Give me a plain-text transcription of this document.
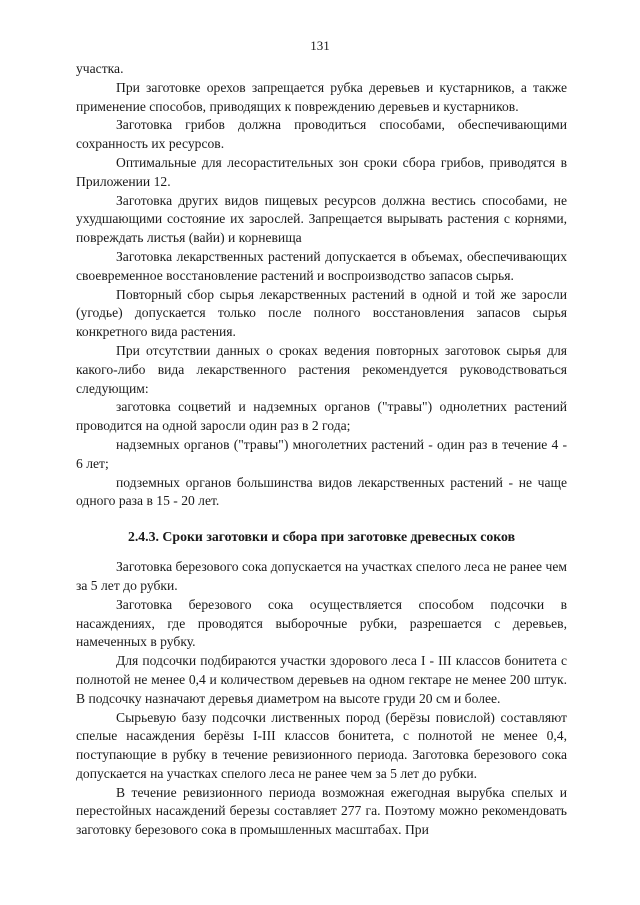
131

участка.

При заготовке орехов запрещается рубка деревьев и кустарников, а также применение способов, приводящих к повреждению деревьев и кустарников.

Заготовка грибов должна проводиться способами, обеспечивающими сохранность их ресурсов.

Оптимальные для лесорастительных зон сроки сбора грибов, приводятся в Приложении 12.

Заготовка других видов пищевых ресурсов должна вестись способами, не ухудшающими состояние их зарослей. Запрещается вырывать растения с корнями, повреждать листья (вайи) и корневища

Заготовка лекарственных растений допускается в объемах, обеспечивающих своевременное восстановление растений и воспроизводство запасов сырья.

Повторный сбор сырья лекарственных растений в одной и той же заросли (угодье) допускается только после полного восстановления запасов сырья конкретного вида растения.

При отсутствии данных о сроках ведения повторных заготовок сырья для какого-либо вида лекарственного растения рекомендуется руководствоваться следующим:

заготовка соцветий и надземных органов ("травы") однолетних растений проводится на одной заросли один раз в 2 года;

надземных органов ("травы") многолетних растений - один раз в течение 4 - 6 лет;

подземных органов большинства видов лекарственных растений - не чаще одного раза в 15 - 20 лет.

2.4.3. Сроки заготовки и сбора при заготовке древесных соков

Заготовка березового сока допускается на участках спелого леса не ранее чем за 5 лет до рубки.

Заготовка березового сока осуществляется способом подсочки в насаждениях, где проводятся выборочные рубки, разрешается с деревьев, намеченных в рубку.

Для подсочки подбираются участки здорового леса I - III классов бонитета с полнотой не менее 0,4 и количеством деревьев на одном гектаре не менее 200 штук. В подсочку назначают деревья диаметром на высоте груди 20 см и более.

Сырьевую базу подсочки лиственных пород (берёзы повислой) составляют спелые насаждения берёзы I-III классов бонитета, с полнотой не менее 0,4, поступающие в рубку в течение ревизионного периода. Заготовка березового сока допускается на участках спелого леса не ранее чем за 5 лет до рубки.

В течение ревизионного периода возможная ежегодная вырубка спелых и перестойных насаждений березы составляет 277 га. Поэтому можно рекомендовать заготовку березового сока в промышленных масштабах. При
